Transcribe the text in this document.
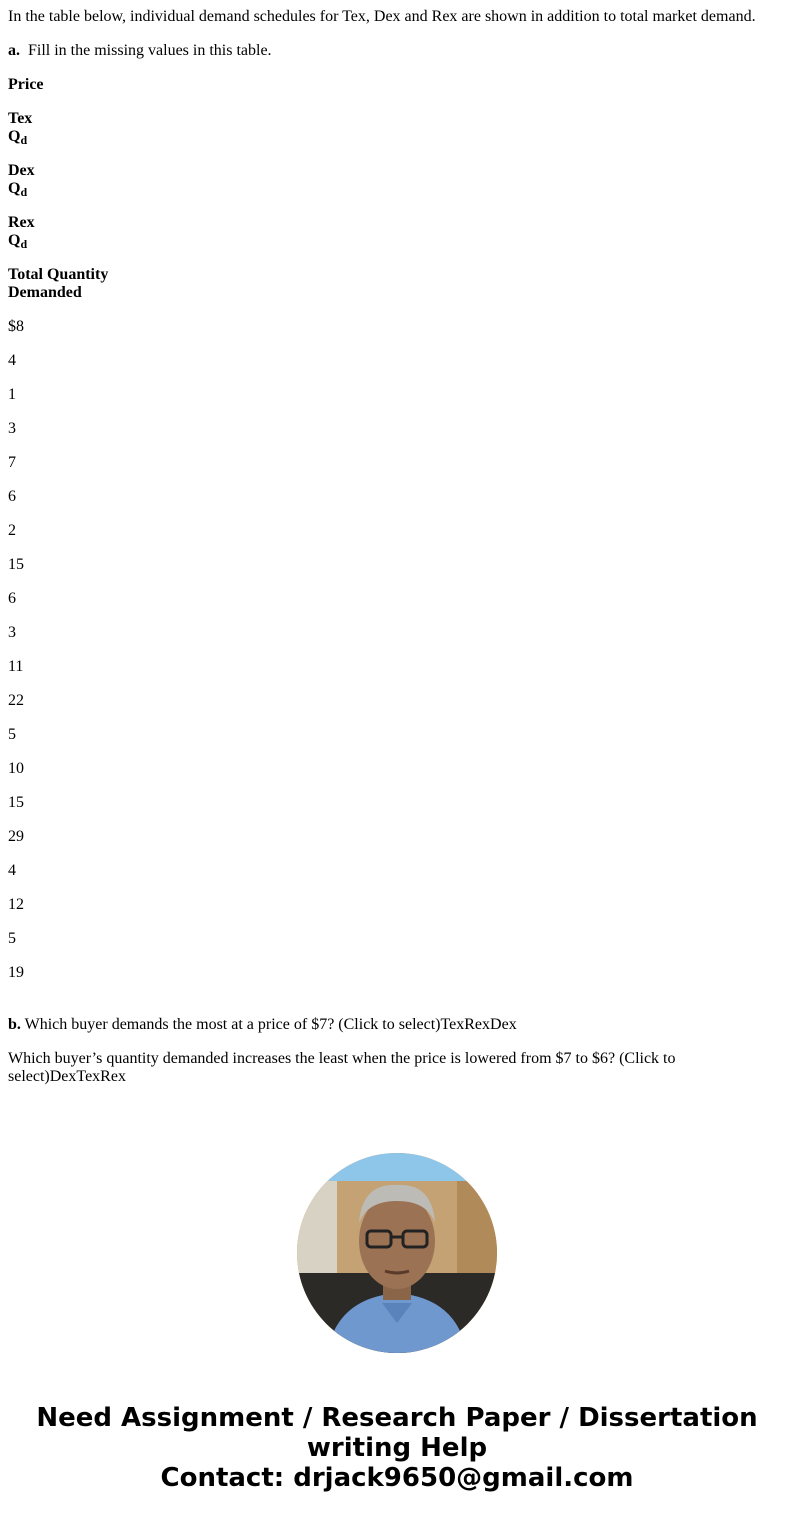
In the table below, individual demand schedules for Tex, Dex and Rex are shown in addition to total market demand.

a. Fill in the missing values in this table.

Price
Tex
$Q_d$
Dex
$Q_d$
Rex
$Q_d$
Total Quantity
Demanded
$8
4
1
3
7
6
2
15
6
3
11
22
5
10
15
29
4
12
5
19

b. Which buyer demands the most at a price of $7? (Click to select)TexRexDex

Which buyer’s quantity demanded increases the least when the price is lowered from $7 to $6? (Click to select)DexTexRex

Need Assignment / Research Paper / Dissertation
writing Help
Contact: drjack9650@gmail.com
